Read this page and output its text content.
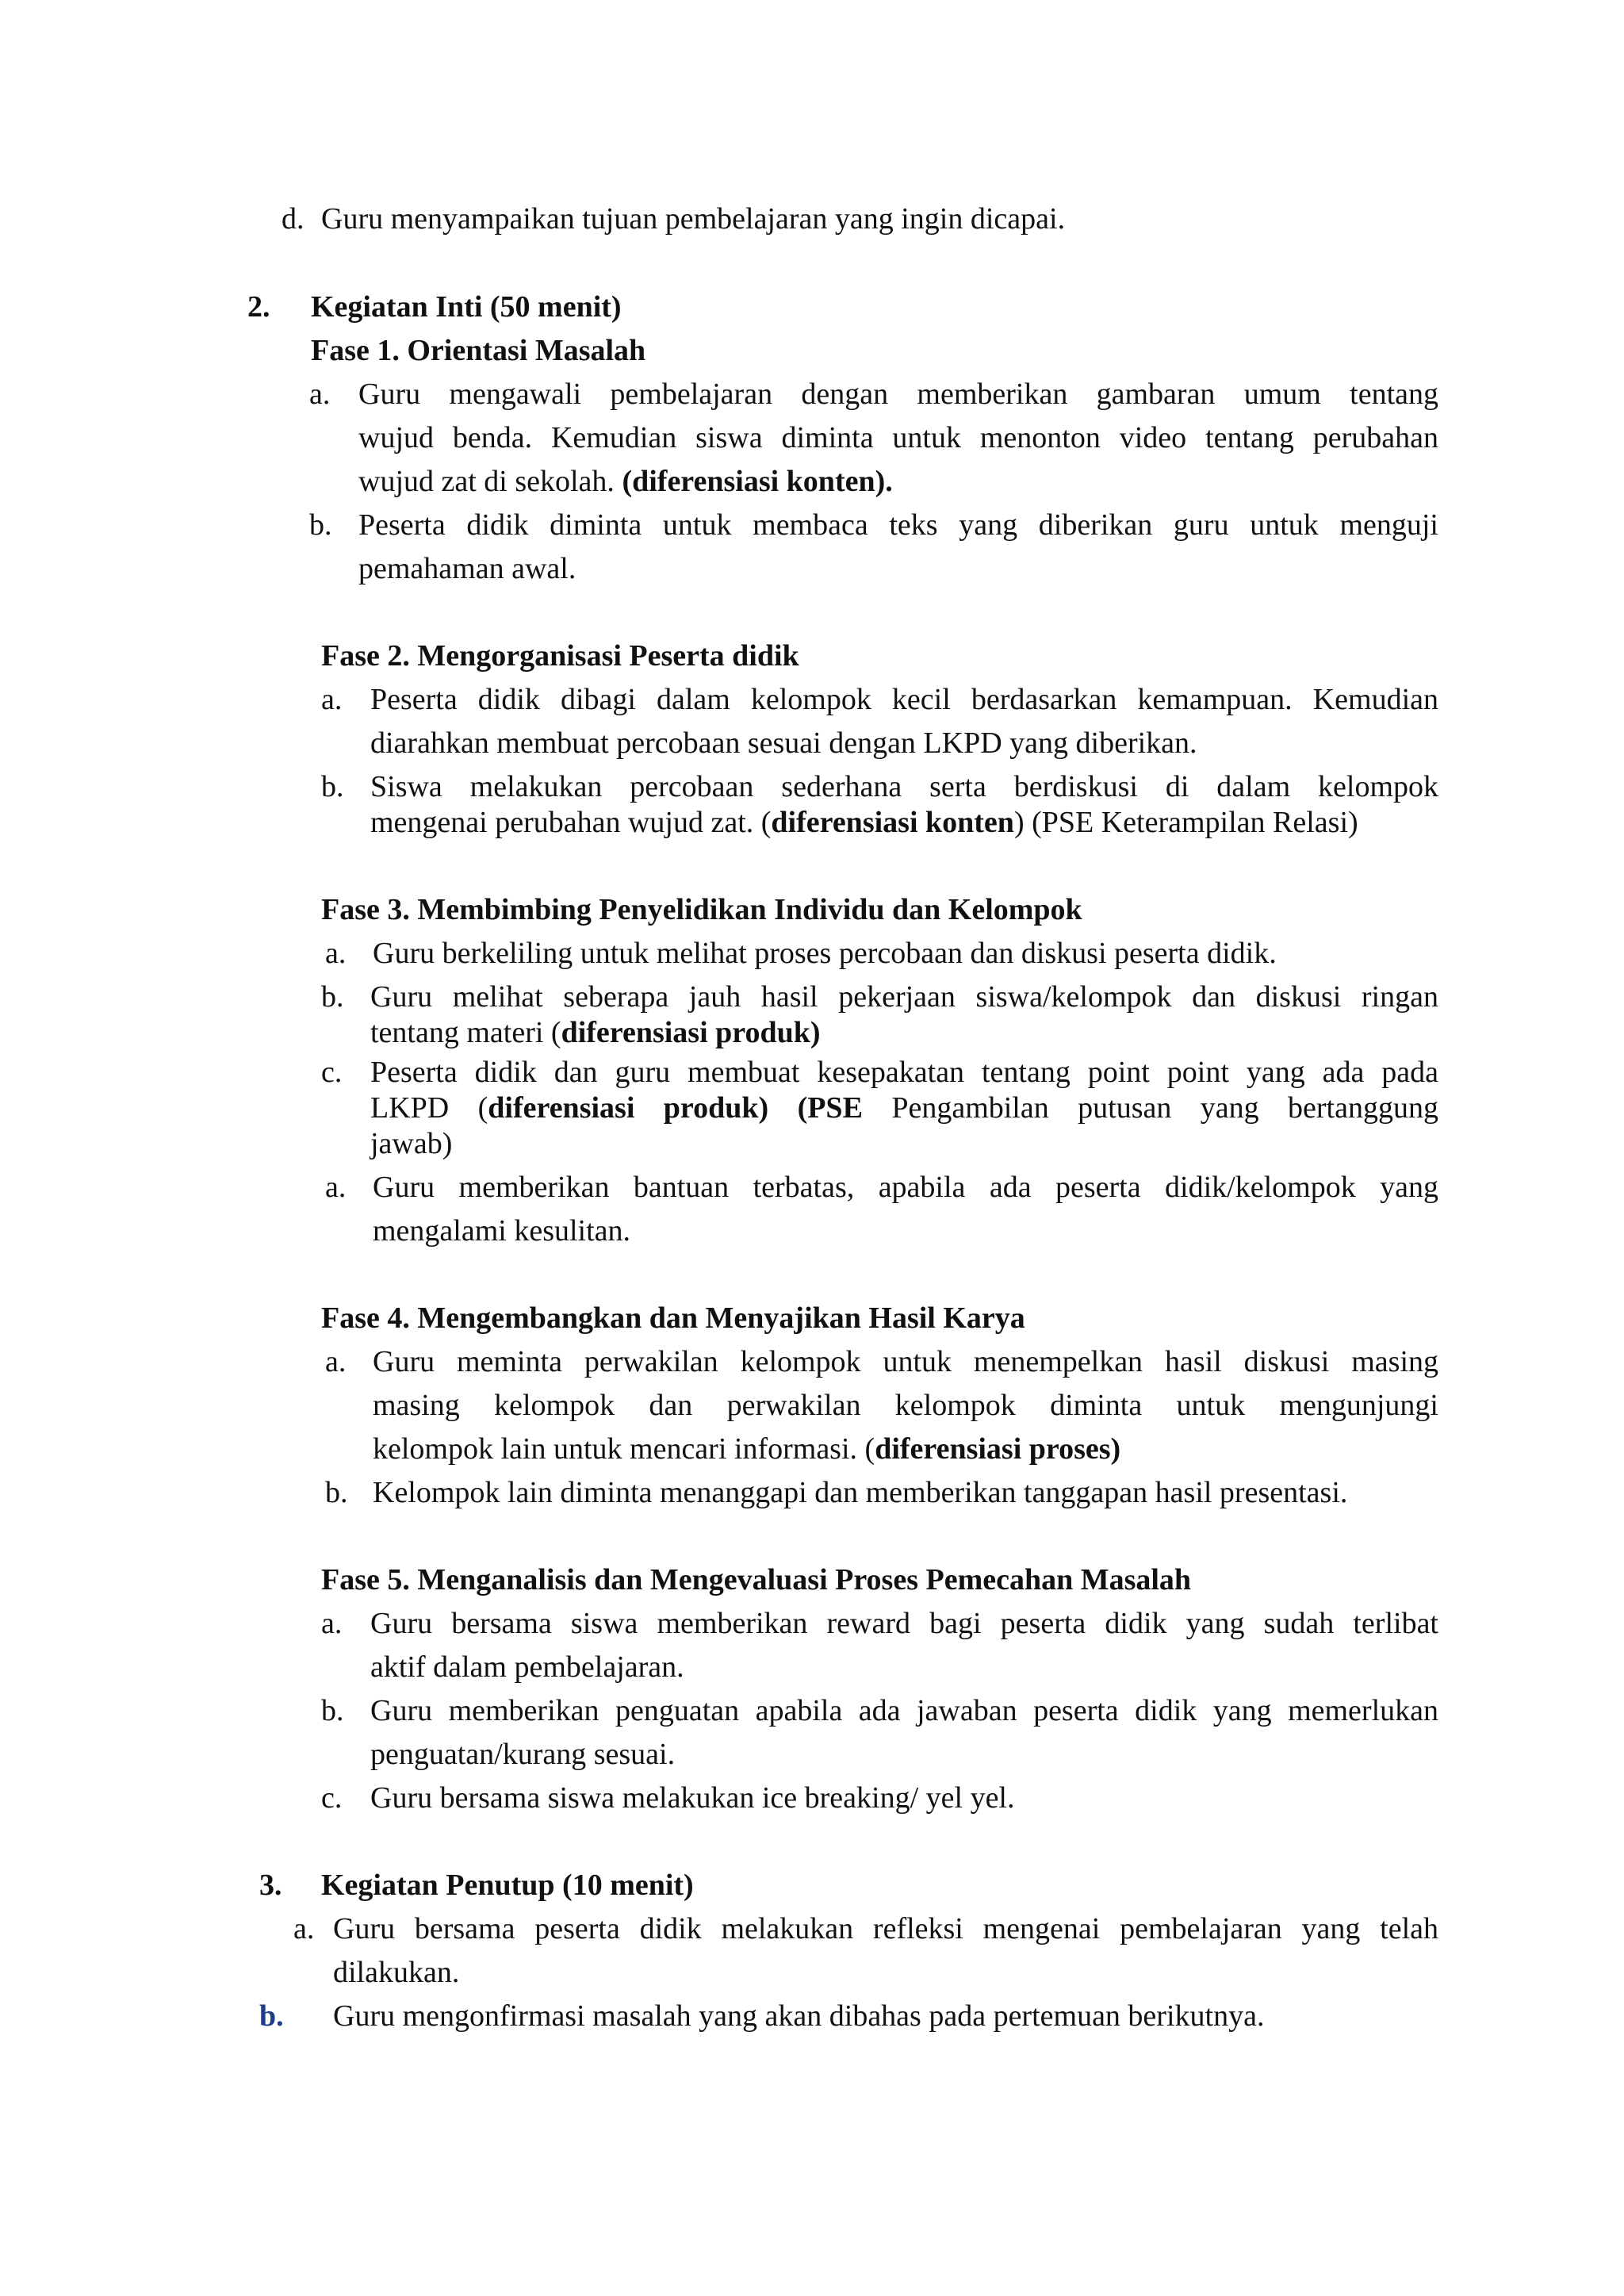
d. Guru menyampaikan tujuan pembelajaran yang ingin dicapai.
2. Kegiatan Inti (50 menit)
Fase 1. Orientasi Masalah
a. Guru mengawali pembelajaran dengan memberikan gambaran umum tentang
wujud benda. Kemudian siswa diminta untuk menonton video tentang perubahan
wujud zat di sekolah. (diferensiasi konten).
b. Peserta didik diminta untuk membaca teks yang diberikan guru untuk menguji
pemahaman awal.
Fase 2. Mengorganisasi Peserta didik
a. Peserta didik dibagi dalam kelompok kecil berdasarkan kemampuan. Kemudian
diarahkan membuat percobaan sesuai dengan LKPD yang diberikan.
b. Siswa melakukan percobaan sederhana serta berdiskusi di dalam kelompok
mengenai perubahan wujud zat. (diferensiasi konten) (PSE Keterampilan Relasi)
Fase 3. Membimbing Penyelidikan Individu dan Kelompok
a. Guru berkeliling untuk melihat proses percobaan dan diskusi peserta didik.
b. Guru melihat seberapa jauh hasil pekerjaan siswa/kelompok dan diskusi ringan
tentang materi (diferensiasi produk)
c. Peserta didik dan guru membuat kesepakatan tentang point point yang ada pada
LKPD (diferensiasi produk) (PSE Pengambilan putusan yang bertanggung
jawab)
a. Guru memberikan bantuan terbatas, apabila ada peserta didik/kelompok yang
mengalami kesulitan.
Fase 4. Mengembangkan dan Menyajikan Hasil Karya
a. Guru meminta perwakilan kelompok untuk menempelkan hasil diskusi masing
masing kelompok dan perwakilan kelompok diminta untuk mengunjungi
kelompok lain untuk mencari informasi. (diferensiasi proses)
b. Kelompok lain diminta menanggapi dan memberikan tanggapan hasil presentasi.
Fase 5. Menganalisis dan Mengevaluasi Proses Pemecahan Masalah
a. Guru bersama siswa memberikan reward bagi peserta didik yang sudah terlibat
aktif dalam pembelajaran.
b. Guru memberikan penguatan apabila ada jawaban peserta didik yang memerlukan
penguatan/kurang sesuai.
c. Guru bersama siswa melakukan ice breaking/ yel yel.
3. Kegiatan Penutup (10 menit)
a. Guru bersama peserta didik melakukan refleksi mengenai pembelajaran yang telah
dilakukan.
b. Guru mengonfirmasi masalah yang akan dibahas pada pertemuan berikutnya.
